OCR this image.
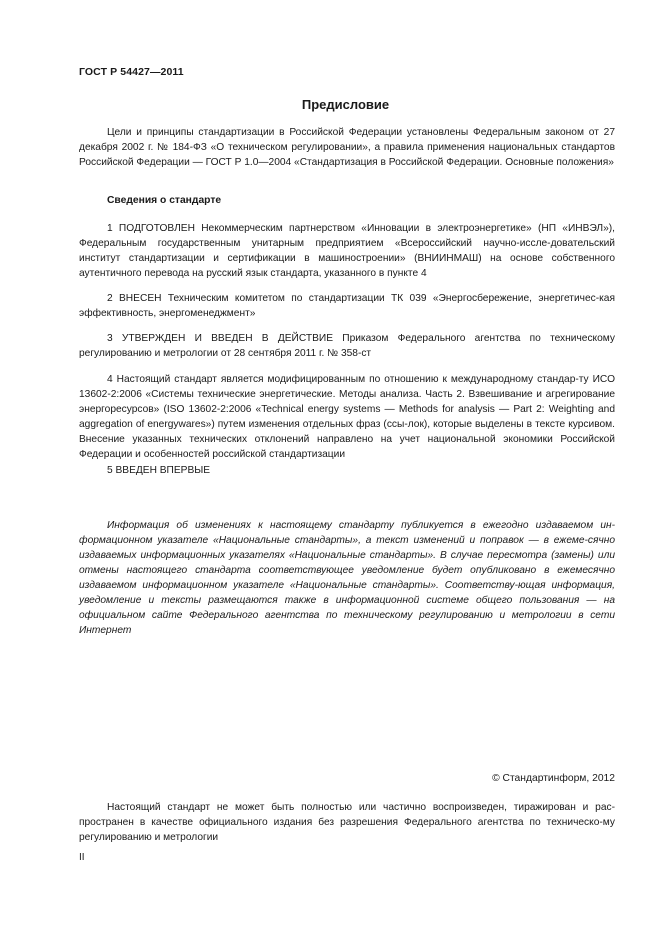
ГОСТ Р 54427—2011
Предисловие

Цели и принципы стандартизации в Российской Федерации установлены Федеральным законом от 27 декабря 2002 г. № 184-ФЗ «О техническом регулировании», а правила применения национальных стандартов Российской Федерации — ГОСТ Р 1.0—2004 «Стандартизация в Российской Федерации. Основные положения»

Сведения о стандарте

1 ПОДГОТОВЛЕН Некоммерческим партнерством «Инновации в электроэнергетике» (НП «ИНВЭЛ»), Федеральным государственным унитарным предприятием «Всероссийский научно-иссле-довательский институт стандартизации и сертификации в машиностроении» (ВНИИНМАШ) на основе собственного аутентичного перевода на русский язык стандарта, указанного в пункте 4

2 ВНЕСЕН Техническим комитетом по стандартизации ТК 039 «Энергосбережение, энергетичес-кая эффективность, энергоменеджмент»

3 УТВЕРЖДЕН И ВВЕДЕН В ДЕЙСТВИЕ Приказом Федерального агентства по техническому регулированию и метрологии от 28 сентября 2011 г. № 358-ст

4 Настоящий стандарт является модифицированным по отношению к международному стандар-ту ИСО 13602-2:2006 «Системы технические энергетические. Методы анализа. Часть 2. Взвешивание и агрегирование энергоресурсов» (ISO 13602-2:2006 «Technical energy systems — Methods for analysis — Part 2: Weighting and aggregation of energywares») путем изменения отдельных фраз (ссы-лок), которые выделены в тексте курсивом. Внесение указанных технических отклонений направлено на учет национальной экономики Российской Федерации и особенностей российской стандартизации

5 ВВЕДЕН ВПЕРВЫЕ

Информация об изменениях к настоящему стандарту публикуется в ежегодно издаваемом ин-формационном указателе «Национальные стандарты», а текст изменений и поправок — в ежеме-сячно издаваемых информационных указателях «Национальные стандарты». В случае пересмотра (замены) или отмены настоящего стандарта соответствующее уведомление будет опубликовано в ежемесячно издаваемом информационном указателе «Национальные стандарты». Соответству-ющая информация, уведомление и тексты размещаются также в информационной системе общего пользования — на официальном сайте Федерального агентства по техническому регулированию и метрологии в сети Интернет

© Стандартинформ, 2012

Настоящий стандарт не может быть полностью или частично воспроизведен, тиражирован и рас-пространен в качестве официального издания без разрешения Федерального агентства по техническо-му регулированию и метрологии

II
